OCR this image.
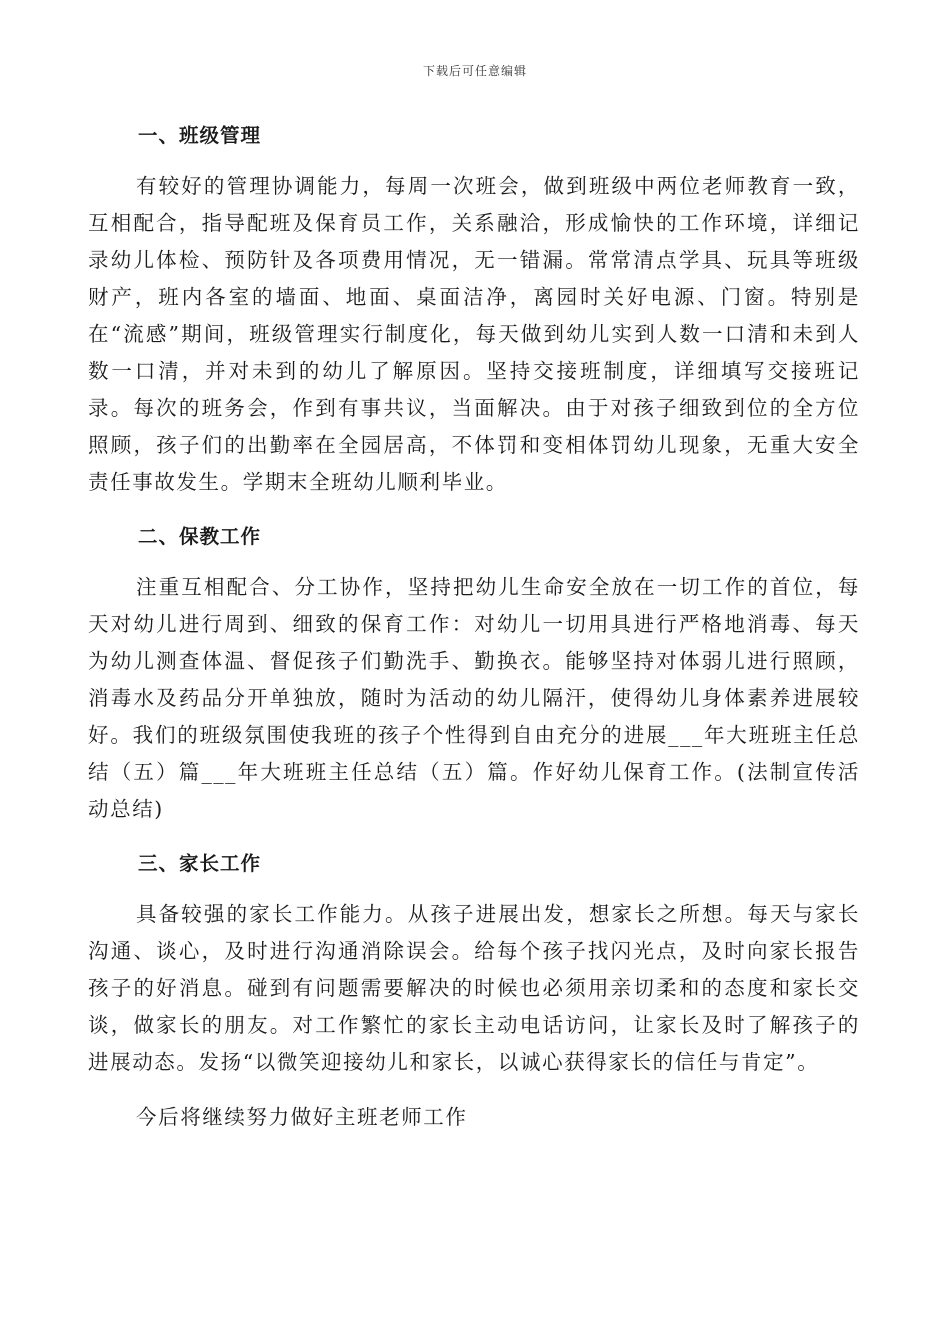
下载后可任意编辑
一、班级管理

有较好的管理协调能力，每周一次班会，做到班级中两位老师教育一致，互相配合，指导配班及保育员工作，关系融洽，形成愉快的工作环境，详细记录幼儿体检、预防针及各项费用情况，无一错漏。常常清点学具、玩具等班级财产，班内各室的墙面、地面、桌面洁净，离园时关好电源、门窗。特别是在“流感”期间，班级管理实行制度化，每天做到幼儿实到人数一口清和未到人数一口清，并对未到的幼儿了解原因。坚持交接班制度，详细填写交接班记录。每次的班务会，作到有事共议，当面解决。由于对孩子细致到位的全方位照顾，孩子们的出勤率在全园居高，不体罚和变相体罚幼儿现象，无重大安全责任事故发生。学期末全班幼儿顺利毕业。

二、保教工作

注重互相配合、分工协作，坚持把幼儿生命安全放在一切工作的首位，每天对幼儿进行周到、细致的保育工作：对幼儿一切用具进行严格地消毒、每天为幼儿测查体温、督促孩子们勤洗手、勤换衣。能够坚持对体弱儿进行照顾，消毒水及药品分开单独放，随时为活动的幼儿隔汗，使得幼儿身体素养进展较好。我们的班级氛围使我班的孩子个性得到自由充分的进展___年大班班主任总结（五）篇___年大班班主任总结（五）篇。作好幼儿保育工作。(法制宣传活动总结)

三、家长工作

具备较强的家长工作能力。从孩子进展出发，想家长之所想。每天与家长沟通、谈心，及时进行沟通消除误会。给每个孩子找闪光点，及时向家长报告孩子的好消息。碰到有问题需要解决的时候也必须用亲切柔和的态度和家长交谈，做家长的朋友。对工作繁忙的家长主动电话访问，让家长及时了解孩子的进展动态。发扬“以微笑迎接幼儿和家长，以诚心获得家长的信任与肯定”。

今后将继续努力做好主班老师工作
